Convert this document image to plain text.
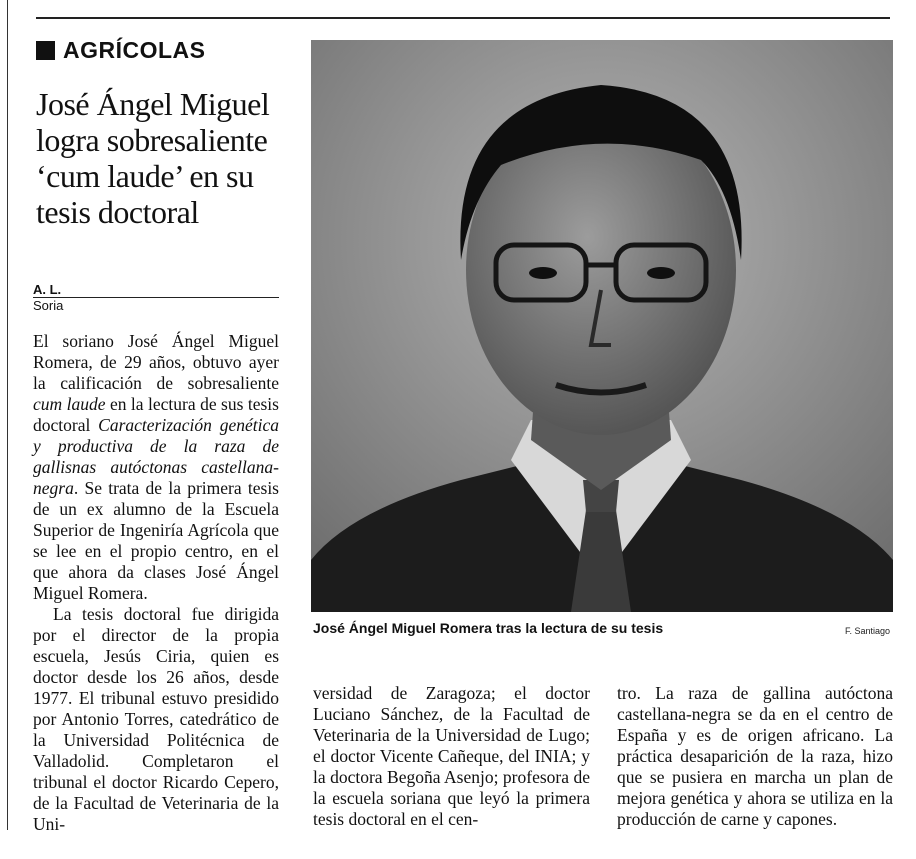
AGRÍCOLAS
José Ángel Miguel logra sobresaliente ‘cum laude’ en su tesis doctoral
A. L.
Soria

El soriano José Ángel Miguel Romera, de 29 años, obtuvo ayer la calificación de sobresaliente cum laude en la lectura de sus tesis doctoral Caracterización genética y productiva de la raza de gallisnas autóctonas castellana-negra. Se trata de la primera tesis de un ex alumno de la Escuela Superior de Ingeniría Agrícola que se lee en el propio centro, en el que ahora da clases José Ángel Miguel Romera.

La tesis doctoral fue dirigida por el director de la propia escuela, Jesús Ciria, quien es doctor desde los 26 años, desde 1977. El tribunal estuvo presidido por Antonio Torres, catedrático de la Universidad Politécnica de Valladolid. Completaron el tribunal el doctor Ricardo Cepero, de la Facultad de Veterinaria de la Uni-

José Ángel Miguel Romera tras la lectura de su tesis	F. Santiago

versidad de Zaragoza; el doctor Luciano Sánchez, de la Facultad de Veterinaria de la Universidad de Lugo; el doctor Vicente Cañeque, del INIA; y la doctora Begoña Asenjo; profesora de la escuela soriana que leyó la primera tesis doctoral en el cen-

tro. La raza de gallina autóctona castellana-negra se da en el centro de España y es de origen africano. La práctica desaparición de la raza, hizo que se pusiera en marcha un plan de mejora genética y ahora se utiliza en la producción de carne y capones.
